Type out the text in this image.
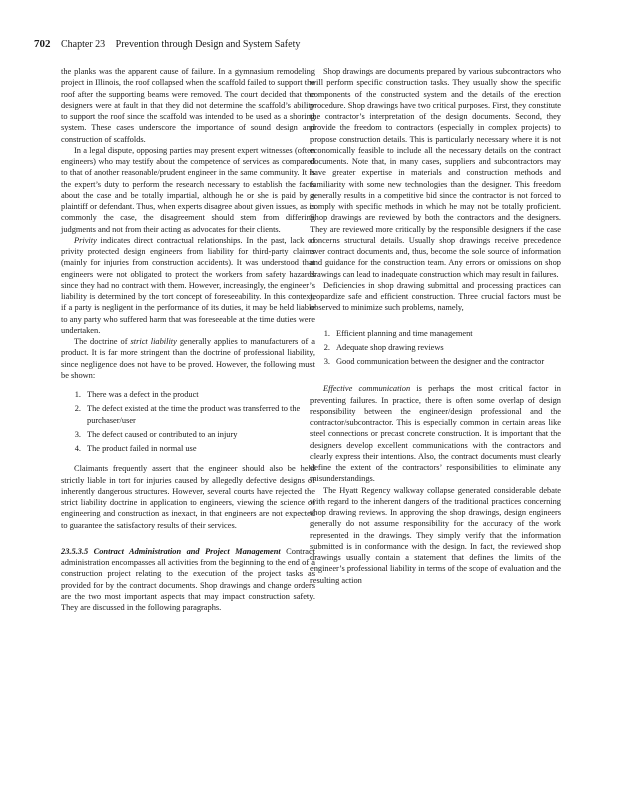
702 Chapter 23 Prevention through Design and System Safety

the planks was the apparent cause of failure. In a gymnasium remodeling project in Illinois, the roof collapsed when the scaffold failed to support the roof after the supporting beams were removed. The court decided that the designers were at fault in that they did not determine the scaffold’s ability to support the roof since the scaffold was intended to be used as a shoring system. These cases underscore the importance of sound design and construction of scaffolds.

In a legal dispute, opposing parties may present expert witnesses (often engineers) who may testify about the competence of services as compared to that of another reasonable/prudent engineer in the same community. It is the expert’s duty to perform the research necessary to establish the facts about the case and be totally impartial, although he or she is paid by a plaintiff or defendant. Thus, when experts disagree about given issues, as is commonly the case, the disagreement should stem from differing judgments and not from their acting as advocates for their clients.

Privity indicates direct contractual relationships. In the past, lack of privity protected design engineers from liability for third-party claims (mainly for injuries from construction accidents). It was understood that engineers were not obligated to protect the workers from safety hazards since they had no contract with them. However, increasingly, the engineer’s liability is determined by the tort concept of foreseeability. In this context, if a party is negligent in the performance of its duties, it may be held liable to any party who suffered harm that was foreseeable at the time duties were undertaken.

The doctrine of strict liability generally applies to manufacturers of a product. It is far more stringent than the doctrine of professional liability, since negligence does not have to be proved. However, the following must be shown:

1. There was a defect in the product
2. The defect existed at the time the product was transferred to the purchaser/user
3. The defect caused or contributed to an injury
4. The product failed in normal use

Claimants frequently assert that the engineer should also be held strictly liable in tort for injuries caused by allegedly defective designs of inherently dangerous structures. However, several courts have rejected the strict liability doctrine in application to engineers, viewing the science of engineering and construction as inexact, in that engineers are not expected to guarantee the satisfactory results of their services.

23.5.3.5 Contract Administration and Project Management Contract administration encompasses all activities from the beginning to the end of a construction project relating to the execution of the project tasks as provided for by the contract documents. Shop drawings and change orders are the two most important aspects that may impact construction safety. They are discussed in the following paragraphs.

Shop drawings are documents prepared by various subcontractors who will perform specific construction tasks. They usually show the specific components of the constructed system and the details of the erection procedure. Shop drawings have two critical purposes. First, they constitute the contractor’s interpretation of the design documents. Second, they provide the freedom to contractors (especially in complex projects) to propose construction details. This is particularly necessary where it is not economically feasible to include all the necessary details on the contract documents. Note that, in many cases, suppliers and subcontractors may have greater expertise in materials and construction methods and familiarity with some new technologies than the designer. This freedom generally results in a competitive bid since the contractor is not forced to comply with specific methods in which he may not be totally proficient. Shop drawings are reviewed by both the contractors and the designers. They are reviewed more critically by the responsible designers if the case concerns structural details. Usually shop drawings receive precedence over contract documents and, thus, become the sole source of information and guidance for the construction team. Any errors or omissions on shop drawings can lead to inadequate construction which may result in failures.

Deficiencies in shop drawing submittal and processing practices can jeopardize safe and efficient construction. Three crucial factors must be observed to minimize such problems, namely,

1. Efficient planning and time management
2. Adequate shop drawing reviews
3. Good communication between the designer and the contractor

Effective communication is perhaps the most critical factor in preventing failures. In practice, there is often some overlap of design responsibility between the engineer/design professional and the contractor/subcontractor. This is especially common in certain areas like steel connections or precast concrete construction. It is important that the designers develop excellent communications with the contractors and clearly express their intentions. Also, the contract documents must clearly define the extent of the contractors’ responsibilities to eliminate any misunderstandings.

The Hyatt Regency walkway collapse generated considerable debate with regard to the inherent dangers of the traditional practices concerning shop drawing reviews. In approving the shop drawings, design engineers generally do not assume responsibility for the accuracy of the work represented in the drawings. They simply verify that the information submitted is in conformance with the design. In fact, the reviewed shop drawings usually contain a statement that defines the limits of the engineer’s professional liability in terms of the scope of evaluation and the resulting action
